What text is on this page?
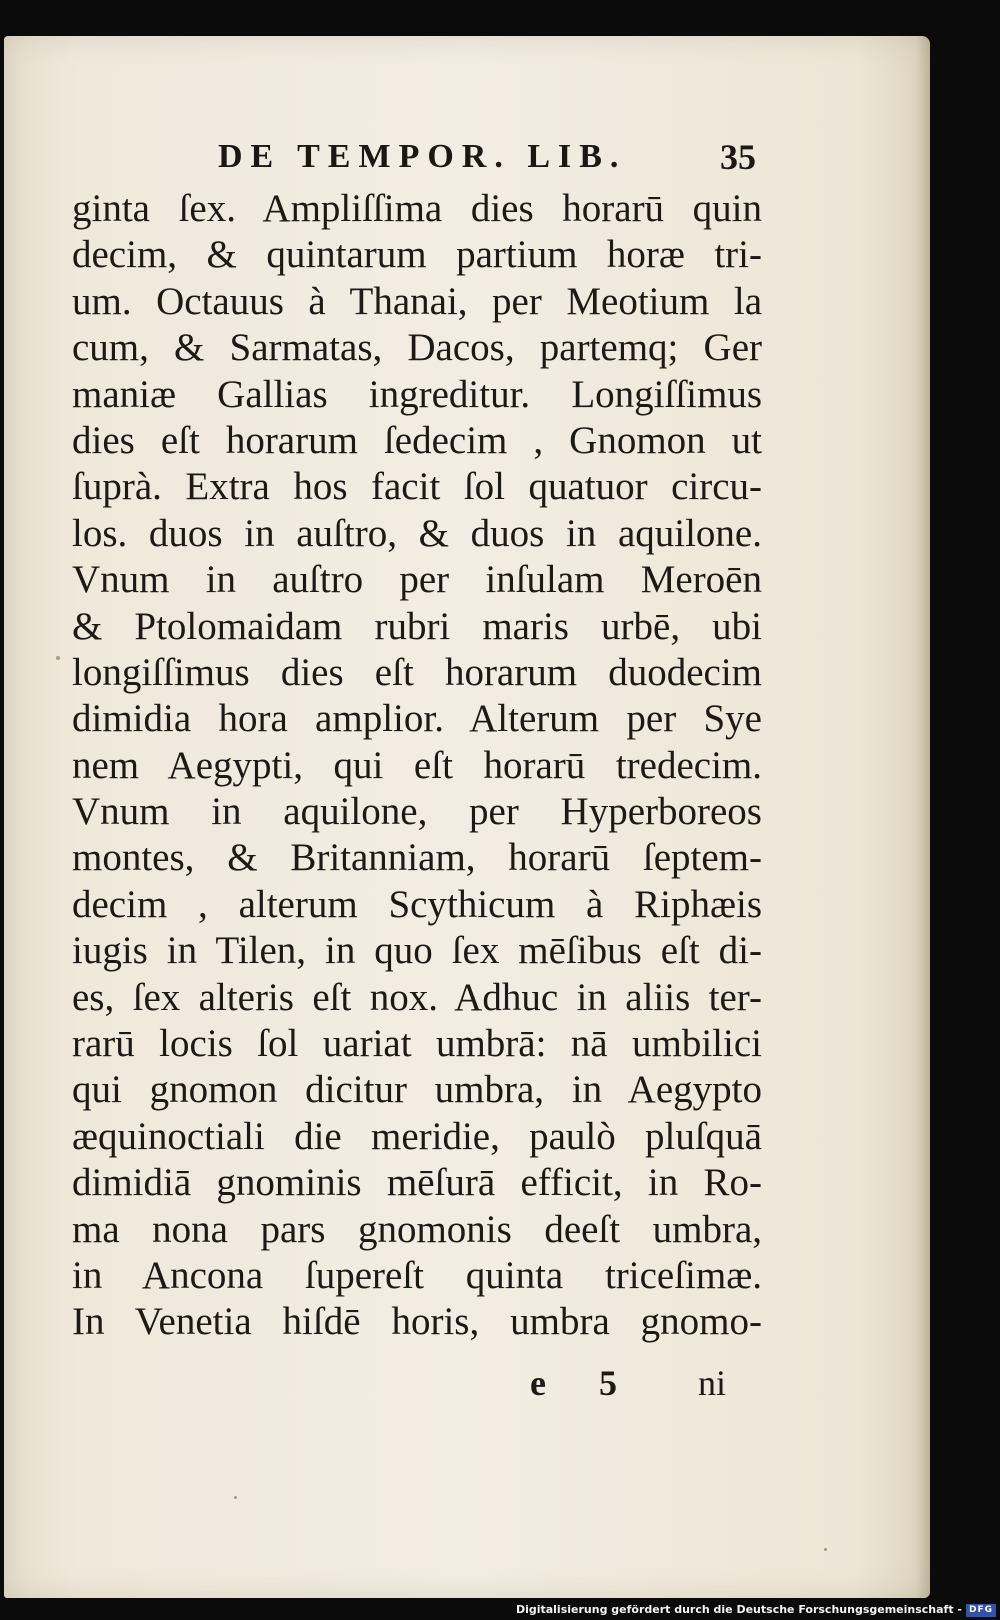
DE TEMPOR. LIB.	35
ginta ſex. Ampliſſima dies horarū quin
decim, & quintarum partium horæ tri-
um. Octauus à Thanai, per Meotium la
cum, & Sarmatas, Dacos, partemq; Ger
maniæ Gallias ingreditur. Longiſſimus
dies eſt horarum ſedecim , Gnomon ut
ſuprà. Extra hos facit ſol quatuor circu-
los. duos in auſtro, & duos in aquilone.
Vnum in auſtro per inſulam Meroēn
& Ptolomaidam rubri maris urbē, ubi
longiſſimus dies eſt horarum duodecim
dimidia hora amplior. Alterum per Sye
nem Aegypti, qui eſt horarū tredecim.
Vnum in aquilone, per Hyperboreos
montes, & Britanniam, horarū ſeptem-
decim , alterum Scythicum à Riphæis
iugis in Tilen, in quo ſex mēſibus eſt di-
es, ſex alteris eſt nox. Adhuc in aliis ter-
rarū locis ſol uariat umbrā: nā umbilici
qui gnomon dicitur umbra, in Aegypto
æquinoctiali die meridie, paulò pluſquā
dimidiā gnominis mēſurā efficit, in Ro-
ma nona pars gnomonis deeſt umbra,
in Ancona ſupereſt quinta triceſimæ.
In Venetia hiſdē horis, umbra gnomo-
e 5 ni
Digitalisierung gefördert durch die Deutsche Forschungsgemeinschaft - DFG
